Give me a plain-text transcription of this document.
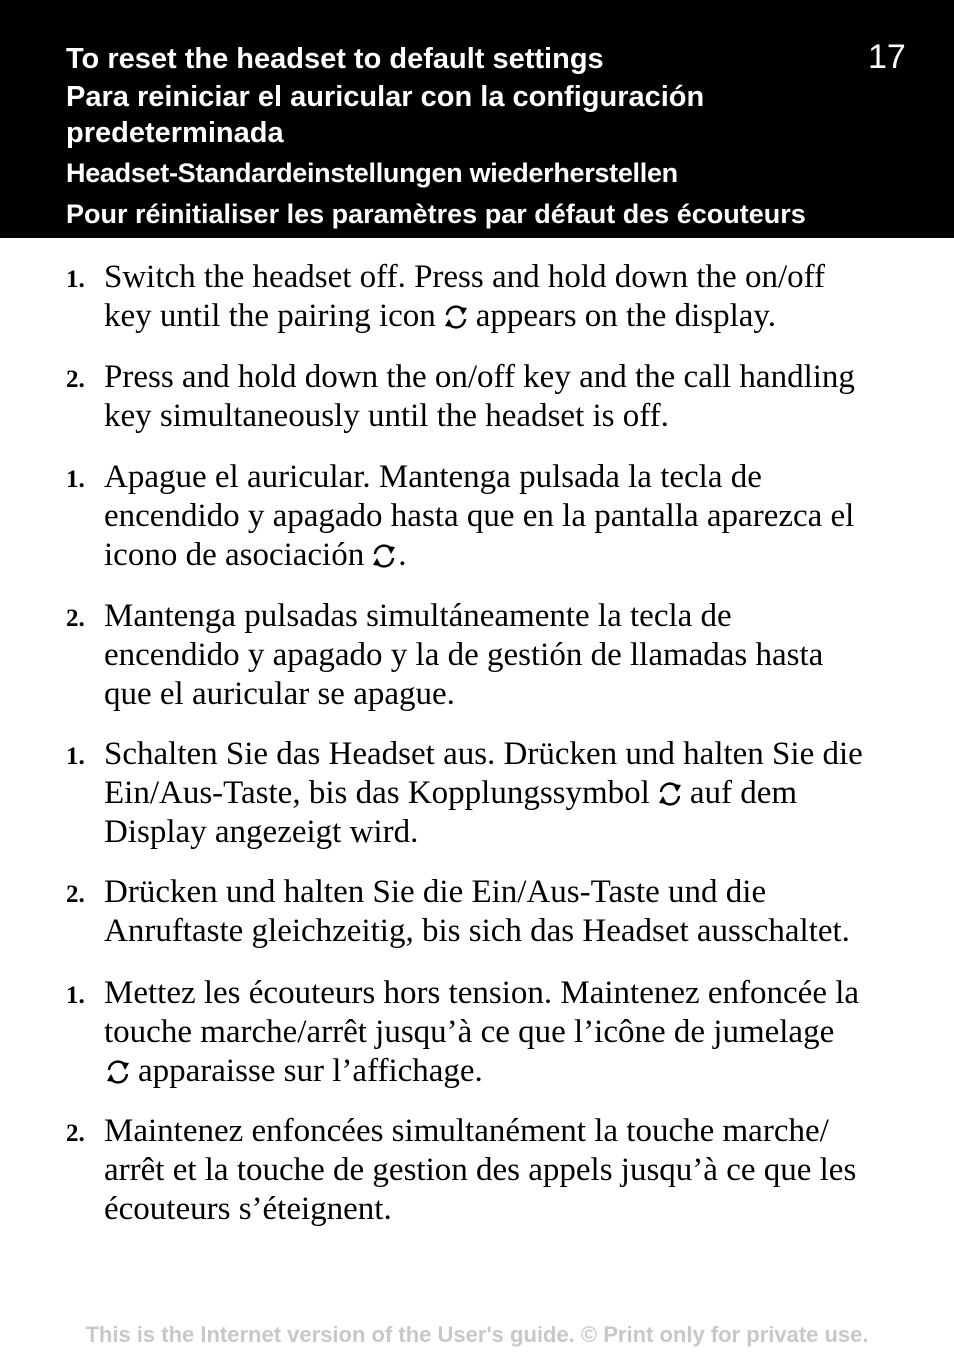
To reset the headset to default settings
Para reiniciar el auricular con la configuración
predeterminada
Headset-Standardeinstellungen wiederherstellen
Pour réinitialiser les paramètres par défaut des écouteurs
17
1. Switch the headset off. Press and hold down the on/off
key until the pairing icon appears on the display.
2. Press and hold down the on/off key and the call handling
key simultaneously until the headset is off.
1. Apague el auricular. Mantenga pulsada la tecla de
encendido y apagado hasta que en la pantalla aparezca el
icono de asociación .
2. Mantenga pulsadas simultáneamente la tecla de
encendido y apagado y la de gestión de llamadas hasta
que el auricular se apague.
1. Schalten Sie das Headset aus. Drücken und halten Sie die
Ein/Aus-Taste, bis das Kopplungssymbol auf dem
Display angezeigt wird.
2. Drücken und halten Sie die Ein/Aus-Taste und die
Anruftaste gleichzeitig, bis sich das Headset ausschaltet.
1. Mettez les écouteurs hors tension. Maintenez enfoncée la
touche marche/arrêt jusqu’à ce que l’icône de jumelage
apparaisse sur l’affichage.
2. Maintenez enfoncées simultanément la touche marche/
arrêt et la touche de gestion des appels jusqu’à ce que les
écouteurs s’éteignent.
This is the Internet version of the User's guide. © Print only for private use.
